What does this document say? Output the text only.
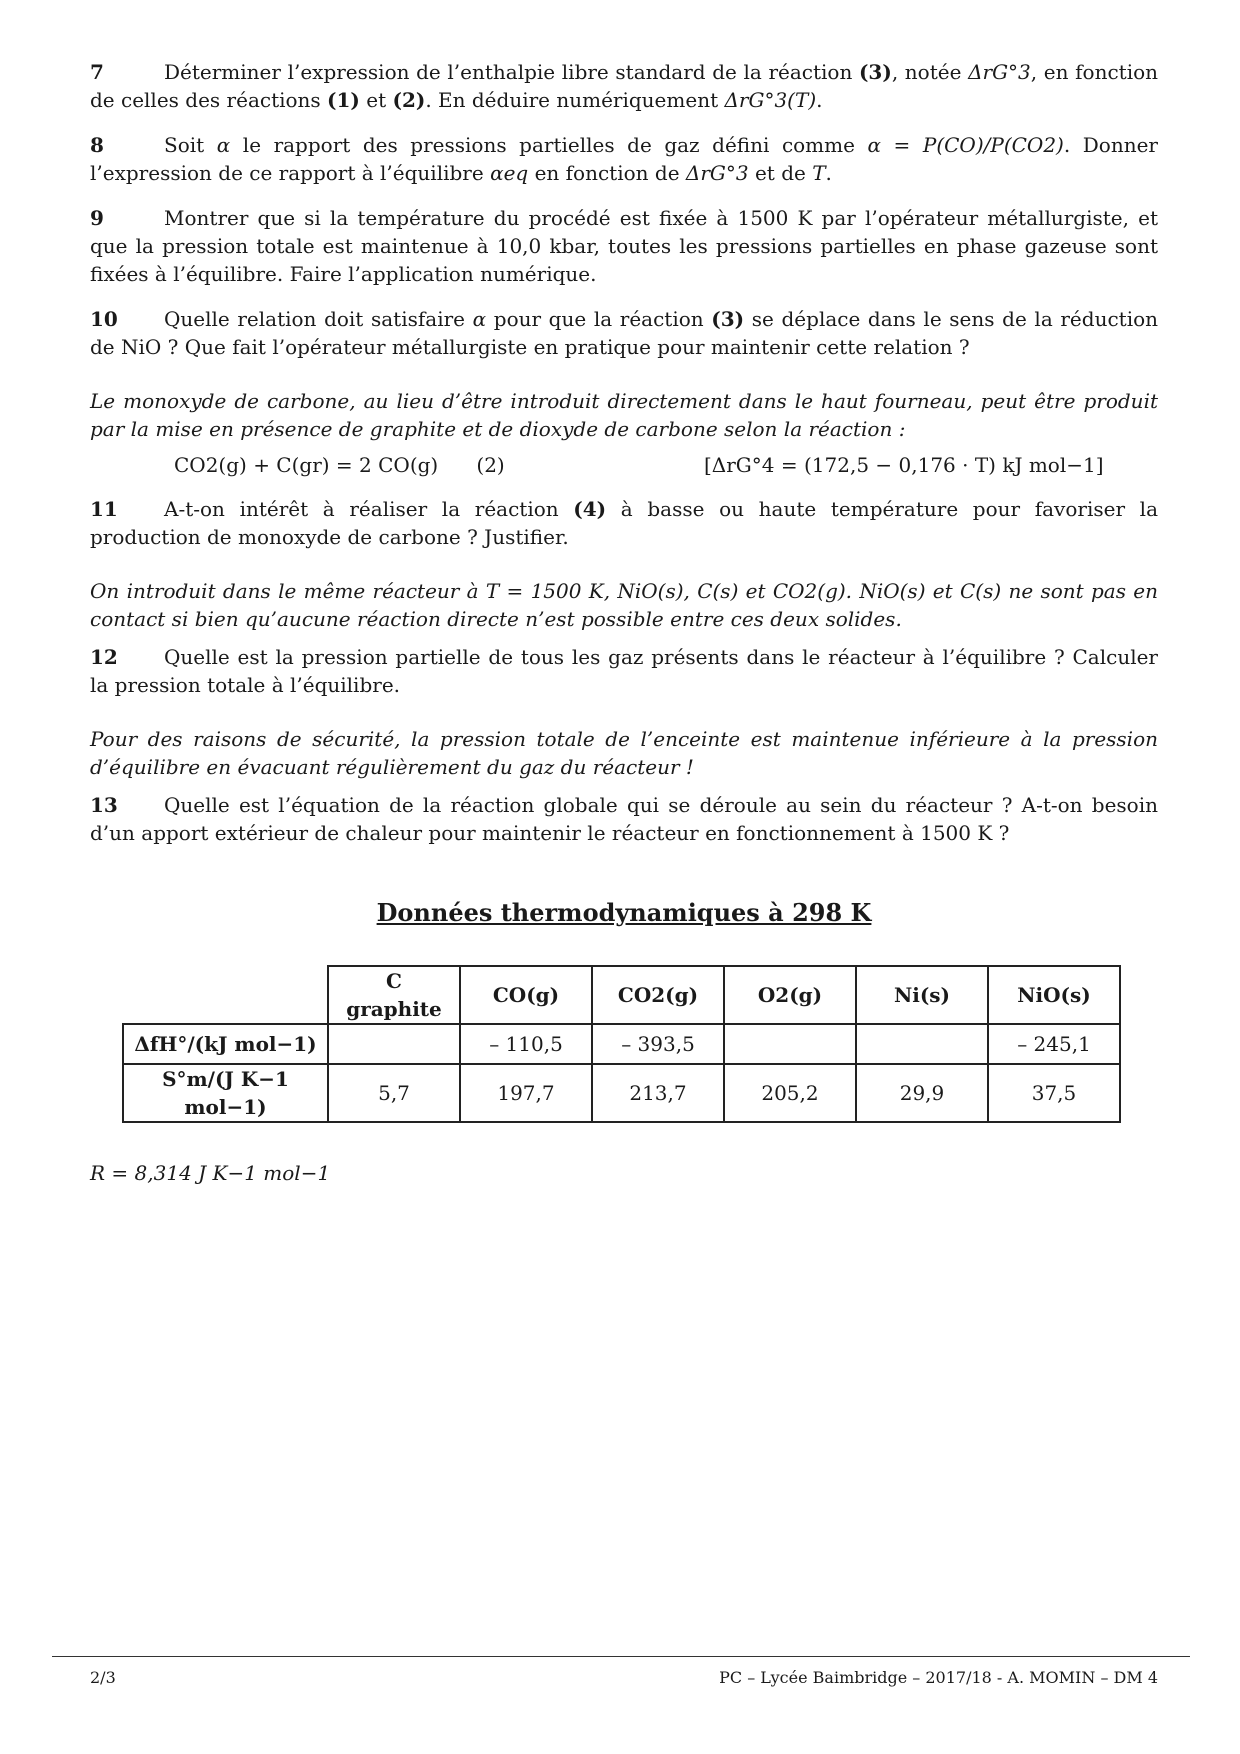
7	Déterminer l’expression de l’enthalpie libre standard de la réaction (3), notée ΔrG°3, en fonction de celles des réactions (1) et (2). En déduire numériquement ΔrG°3(T).

8	Soit α le rapport des pressions partielles de gaz défini comme α = P(CO)/P(CO2). Donner l’expression de ce rapport à l’équilibre αeq en fonction de ΔrG°3 et de T.

9	Montrer que si la température du procédé est fixée à 1500 K par l’opérateur métallurgiste, et que la pression totale est maintenue à 10,0 kbar, toutes les pressions partielles en phase gazeuse sont fixées à l’équilibre. Faire l’application numérique.

10 Quelle relation doit satisfaire α pour que la réaction (3) se déplace dans le sens de la réduction de NiO ? Que fait l’opérateur métallurgiste en pratique pour maintenir cette relation ?

Le monoxyde de carbone, au lieu d’être introduit directement dans le haut fourneau, peut être produit par la mise en présence de graphite et de dioxyde de carbone selon la réaction :

CO2(g) + C(gr) = 2 CO(g) (2)	[ΔrG°4 = (172,5 − 0,176 · T) kJ mol−1]

11 A-t-on intérêt à réaliser la réaction (4) à basse ou haute température pour favoriser la production de monoxyde de carbone ? Justifier.

On introduit dans le même réacteur à T = 1500 K, NiO(s), C(s) et CO2(g). NiO(s) et C(s) ne sont pas en contact si bien qu’aucune réaction directe n’est possible entre ces deux solides.

12 Quelle est la pression partielle de tous les gaz présents dans le réacteur à l’équilibre ? Calculer la pression totale à l’équilibre.

Pour des raisons de sécurité, la pression totale de l’enceinte est maintenue inférieure à la pression d’équilibre en évacuant régulièrement du gaz du réacteur !

13 Quelle est l’équation de la réaction globale qui se déroule au sein du réacteur ? A-t-on besoin d’un apport extérieur de chaleur pour maintenir le réacteur en fonctionnement à 1500 K ?

Données thermodynamiques à 298 K
	C graphite	CO(g)	CO2(g)	O2(g)	Ni(s)	NiO(s)
ΔfH°/(kJ mol−1)		– 110,5	– 393,5			– 245,1
S°m/(J K−1 mol−1)	5,7	197,7	213,7	205,2	29,9	37,5
R = 8,314 J K−1 mol−1
2/3	PC – Lycée Baimbridge – 2017/18 - A. MOMIN – DM 4
